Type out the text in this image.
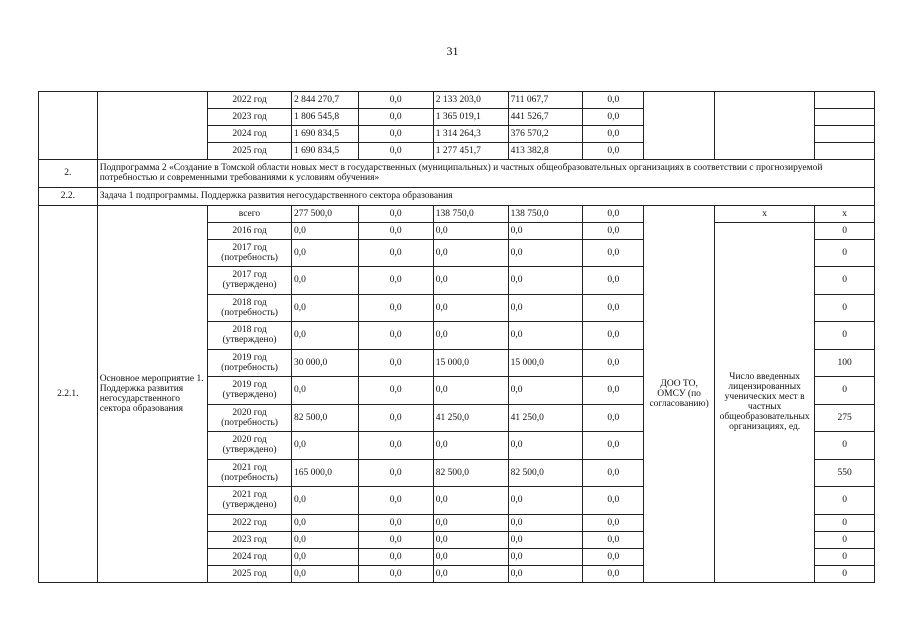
31
		2022 год	2 844 270,7	0,0	2 133 203,0	711 067,7	0,0			
		2023 год	1 806 545,8	0,0	1 365 019,1	441 526,7	0,0			
		2024 год	1 690 834,5	0,0	1 314 264,3	376 570,2	0,0			
		2025 год	1 690 834,5	0,0	1 277 451,7	413 382,8	0,0			
2.	Подпрограмма 2 «Создание в Томской области новых мест в государственных (муниципальных) и частных общеобразовательных организациях в соответствии с прогнозируемой потребностью и современными требованиями к условиям обучения»									
2.2.	Задача 1 подпрограммы. Поддержка развития негосударственного сектора образования									
2.2.1.	Основное мероприятие 1. Поддержка развития негосударственного сектора образования	всего	277 500,0	0,0	138 750,0	138 750,0	0,0	ДОО ТО, ОМСУ (по согласованию)	х	х
		2016 год	0,0	0,0	0,0	0,0	0,0		Число введенных лицензированных ученических мест в частных общеобразовательных организациях, ед.	0
		2017 год (потребность)	0,0	0,0	0,0	0,0	0,0			0
		2017 год (утверждено)	0,0	0,0	0,0	0,0	0,0			0
		2018 год (потребность)	0,0	0,0	0,0	0,0	0,0			0
		2018 год (утверждено)	0,0	0,0	0,0	0,0	0,0			0
		2019 год (потребность)	30 000,0	0,0	15 000,0	15 000,0	0,0			100
		2019 год (утверждено)	0,0	0,0	0,0	0,0	0,0			0
		2020 год (потребность)	82 500,0	0,0	41 250,0	41 250,0	0,0			275
		2020 год (утверждено)	0,0	0,0	0,0	0,0	0,0			0
		2021 год (потребность)	165 000,0	0,0	82 500,0	82 500,0	0,0			550
		2021 год (утверждено)	0,0	0,0	0,0	0,0	0,0			0
		2022 год	0,0	0,0	0,0	0,0	0,0			0
		2023 год	0,0	0,0	0,0	0,0	0,0			0
		2024 год	0,0	0,0	0,0	0,0	0,0			0
		2025 год	0,0	0,0	0,0	0,0	0,0			0
